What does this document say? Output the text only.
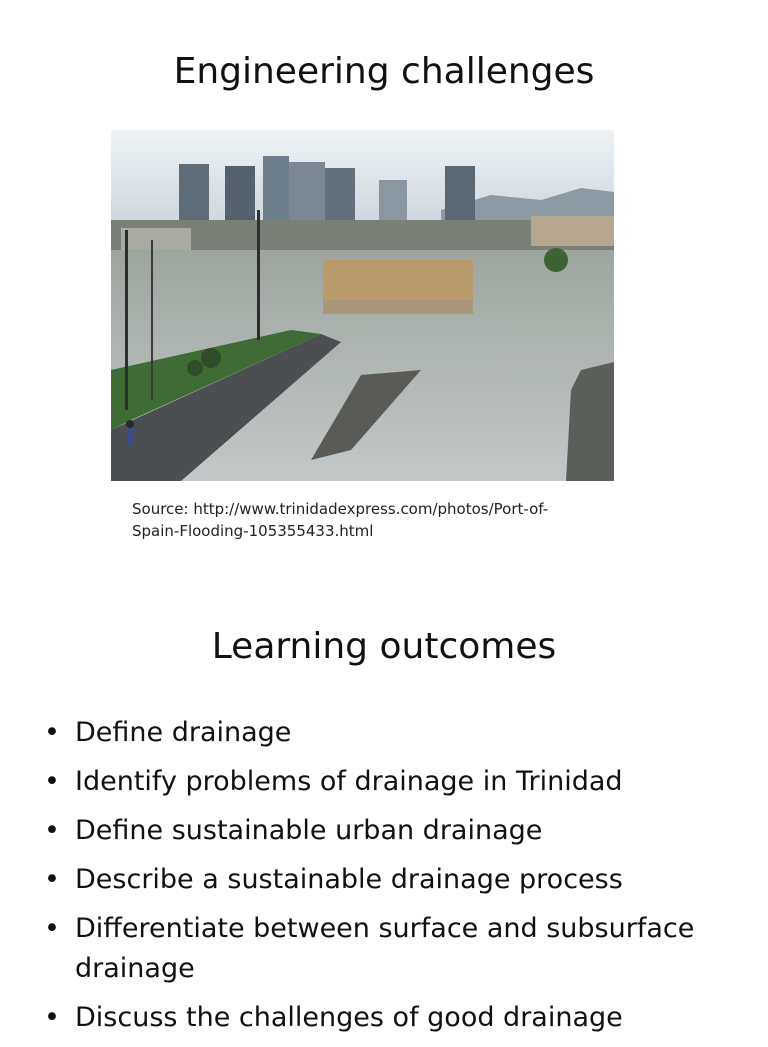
Engineering challenges
Source: http://www.trinidadexpress.com/photos/Port-of-
Spain-Flooding-105355433.html
Learning outcomes
• Define drainage
• Identify problems of drainage in Trinidad
• Define sustainable urban drainage
• Describe a sustainable drainage process
• Differentiate between surface and subsurface drainage
• Discuss the challenges of good drainage
